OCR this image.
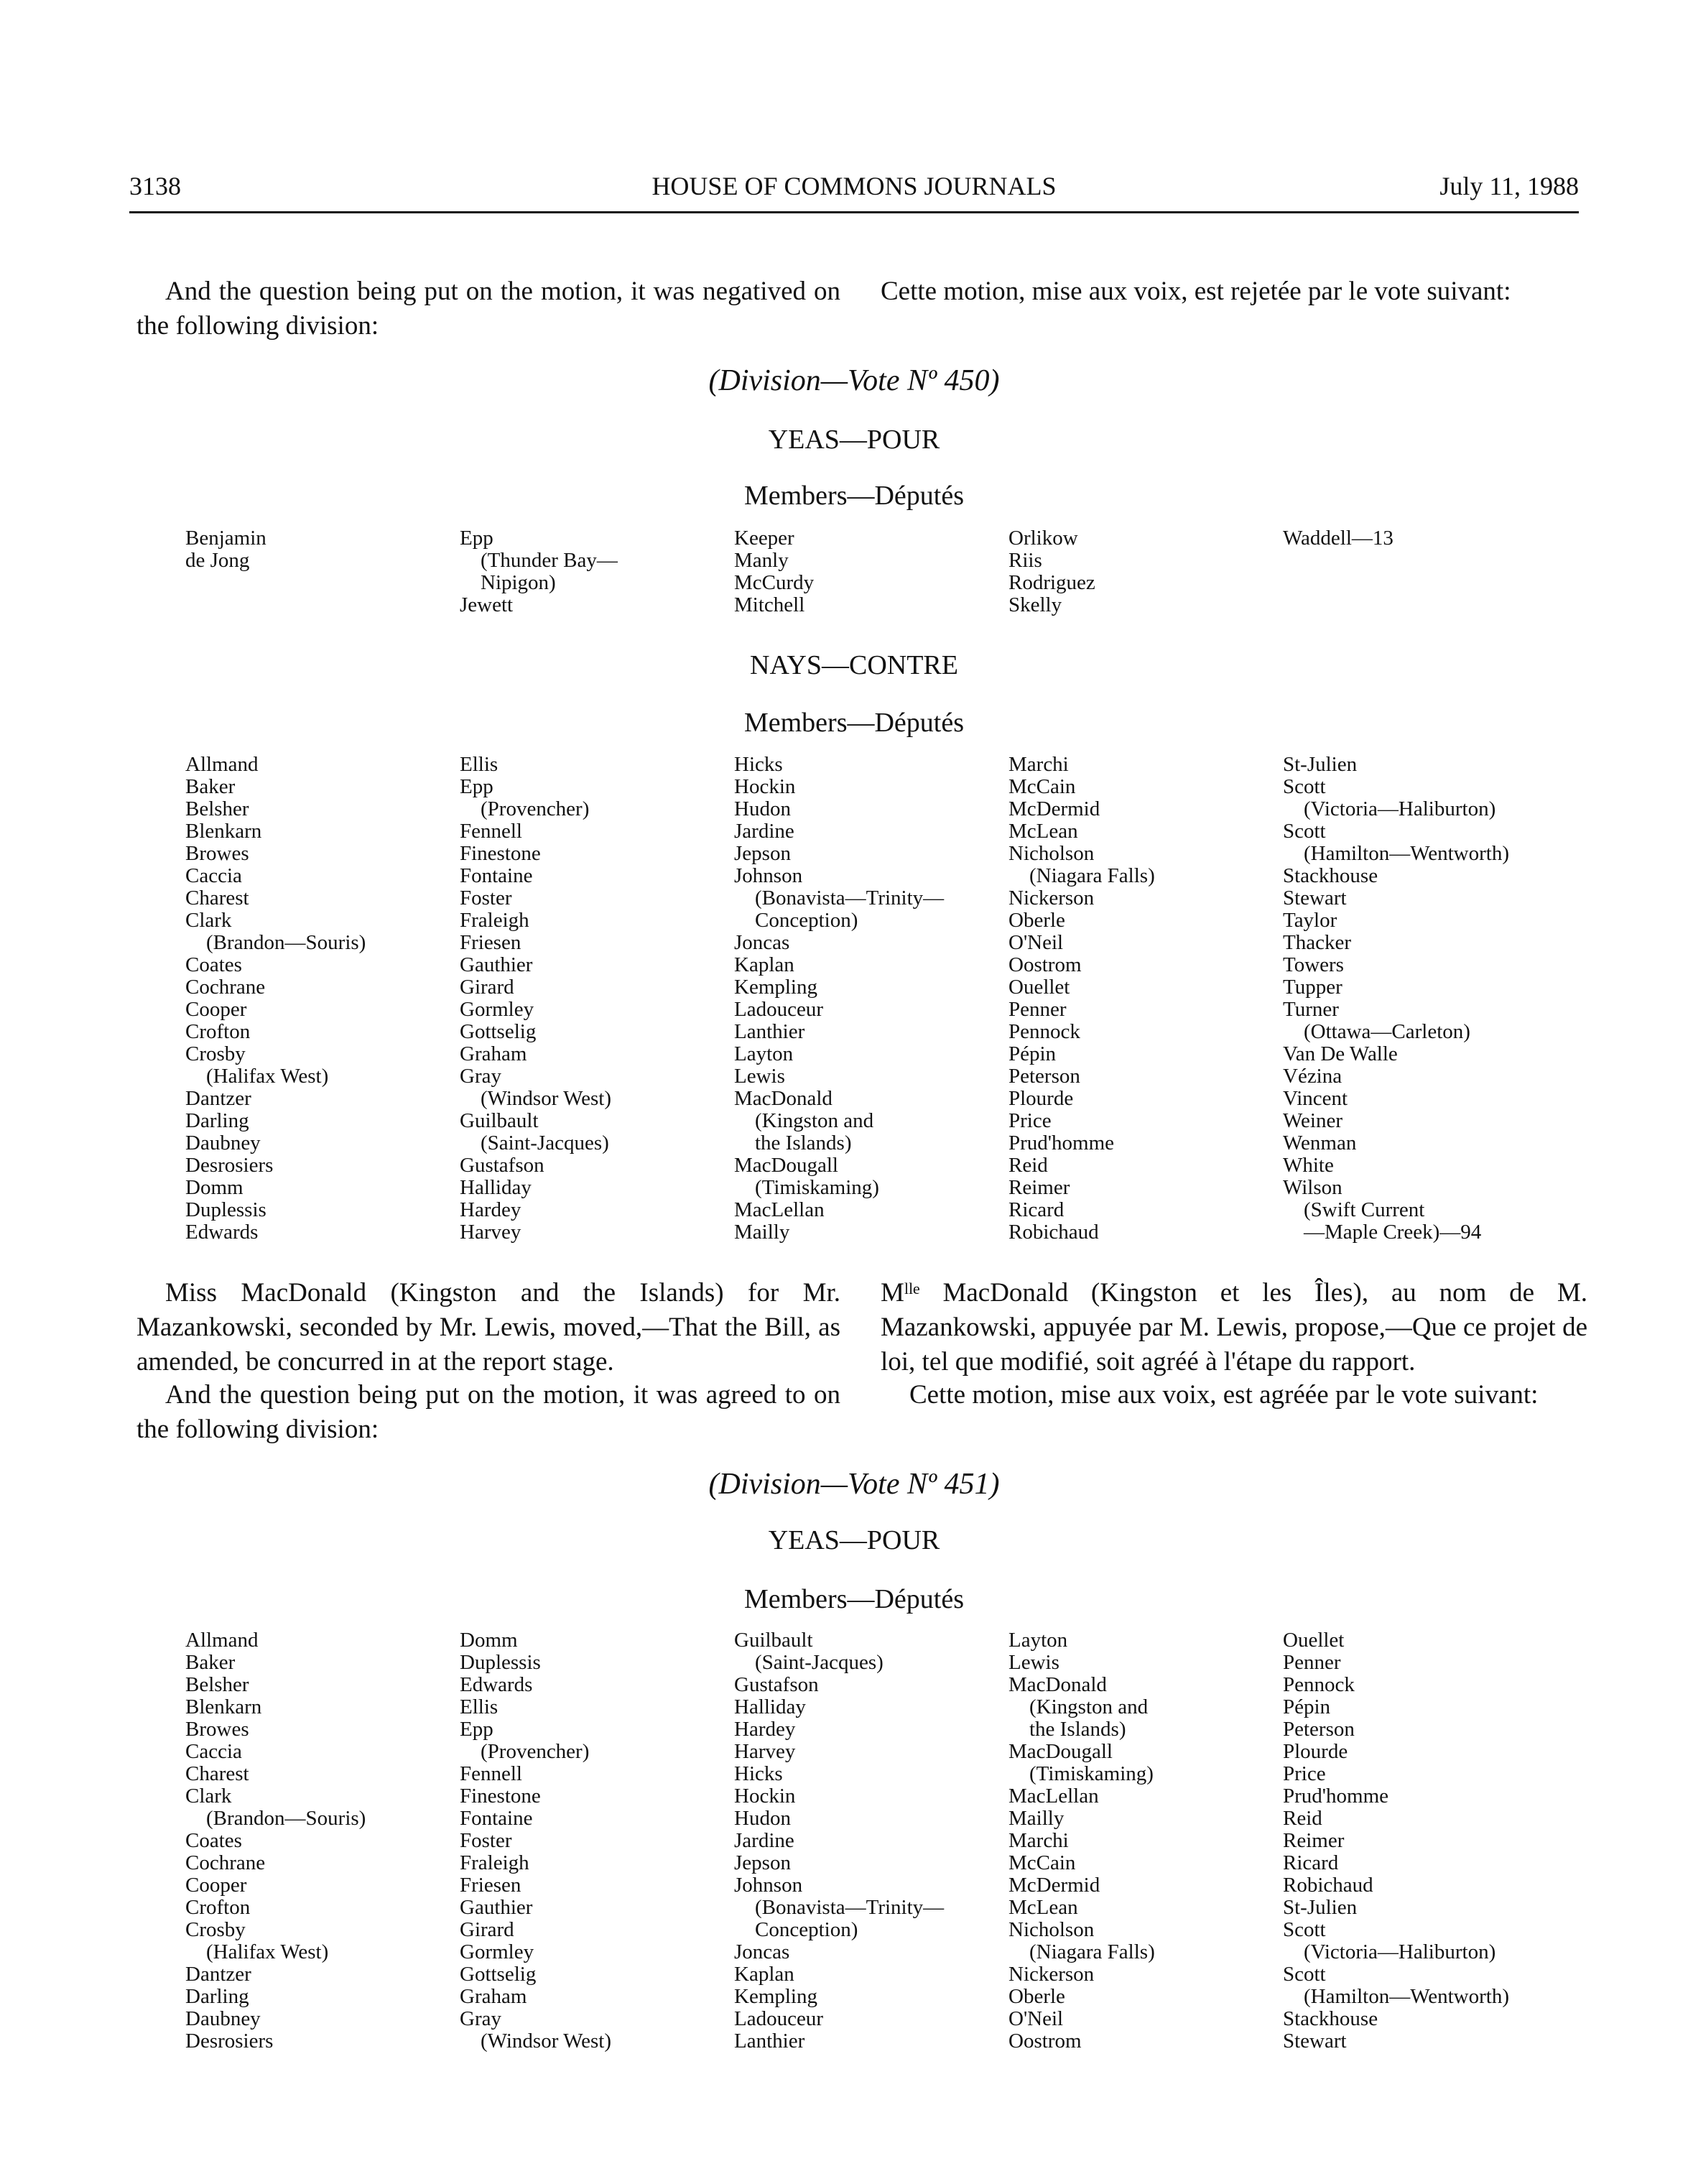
3138	HOUSE OF COMMONS JOURNALS	July 11, 1988
And the question being put on the motion, it was negatived on the following division:
Cette motion, mise aux voix, est rejetée par le vote suivant:
(Division—Vote Nº 450)
YEAS—POUR
Members—Députés
Benjamin
de Jong
Epp
(Thunder Bay—
Nipigon)
Jewett
Keeper
Manly
McCurdy
Mitchell
Orlikow
Riis
Rodriguez
Skelly
Waddell—13
NAYS—CONTRE
Members—Députés
Allmand
Baker
Belsher
Blenkarn
Browes
Caccia
Charest
Clark
(Brandon—Souris)
Coates
Cochrane
Cooper
Crofton
Crosby
(Halifax West)
Dantzer
Darling
Daubney
Desrosiers
Domm
Duplessis
Edwards
Ellis
Epp
(Provencher)
Fennell
Finestone
Fontaine
Foster
Fraleigh
Friesen
Gauthier
Girard
Gormley
Gottselig
Graham
Gray
(Windsor West)
Guilbault
(Saint-Jacques)
Gustafson
Halliday
Hardey
Harvey
Hicks
Hockin
Hudon
Jardine
Jepson
Johnson
(Bonavista—Trinity—
Conception)
Joncas
Kaplan
Kempling
Ladouceur
Lanthier
Layton
Lewis
MacDonald
(Kingston and
the Islands)
MacDougall
(Timiskaming)
MacLellan
Mailly
Marchi
McCain
McDermid
McLean
Nicholson
(Niagara Falls)
Nickerson
Oberle
O'Neil
Oostrom
Ouellet
Penner
Pennock
Pépin
Peterson
Plourde
Price
Prud'homme
Reid
Reimer
Ricard
Robichaud
St-Julien
Scott
(Victoria—Haliburton)
Scott
(Hamilton—Wentworth)
Stackhouse
Stewart
Taylor
Thacker
Towers
Tupper
Turner
(Ottawa—Carleton)
Van De Walle
Vézina
Vincent
Weiner
Wenman
White
Wilson
(Swift Current
—Maple Creek)—94
Miss MacDonald (Kingston and the Islands) for Mr. Mazankowski, seconded by Mr. Lewis, moved,—That the Bill, as amended, be concurred in at the report stage.
Mˡˡᵉ MacDonald (Kingston et les Îles), au nom de M. Mazankowski, appuyée par M. Lewis, propose,—Que ce projet de loi, tel que modifié, soit agréé à l'étape du rapport.
And the question being put on the motion, it was agreed to on the following division:
Cette motion, mise aux voix, est agréée par le vote suivant:
(Division—Vote Nº 451)
YEAS—POUR
Members—Députés
Allmand
Baker
Belsher
Blenkarn
Browes
Caccia
Charest
Clark
(Brandon—Souris)
Coates
Cochrane
Cooper
Crofton
Crosby
(Halifax West)
Dantzer
Darling
Daubney
Desrosiers
Domm
Duplessis
Edwards
Ellis
Epp
(Provencher)
Fennell
Finestone
Fontaine
Foster
Fraleigh
Friesen
Gauthier
Girard
Gormley
Gottselig
Graham
Gray
(Windsor West)
Guilbault
(Saint-Jacques)
Gustafson
Halliday
Hardey
Harvey
Hicks
Hockin
Hudon
Jardine
Jepson
Johnson
(Bonavista—Trinity—
Conception)
Joncas
Kaplan
Kempling
Ladouceur
Lanthier
Layton
Lewis
MacDonald
(Kingston and
the Islands)
MacDougall
(Timiskaming)
MacLellan
Mailly
Marchi
McCain
McDermid
McLean
Nicholson
(Niagara Falls)
Nickerson
Oberle
O'Neil
Oostrom
Ouellet
Penner
Pennock
Pépin
Peterson
Plourde
Price
Prud'homme
Reid
Reimer
Ricard
Robichaud
St-Julien
Scott
(Victoria—Haliburton)
Scott
(Hamilton—Wentworth)
Stackhouse
Stewart
